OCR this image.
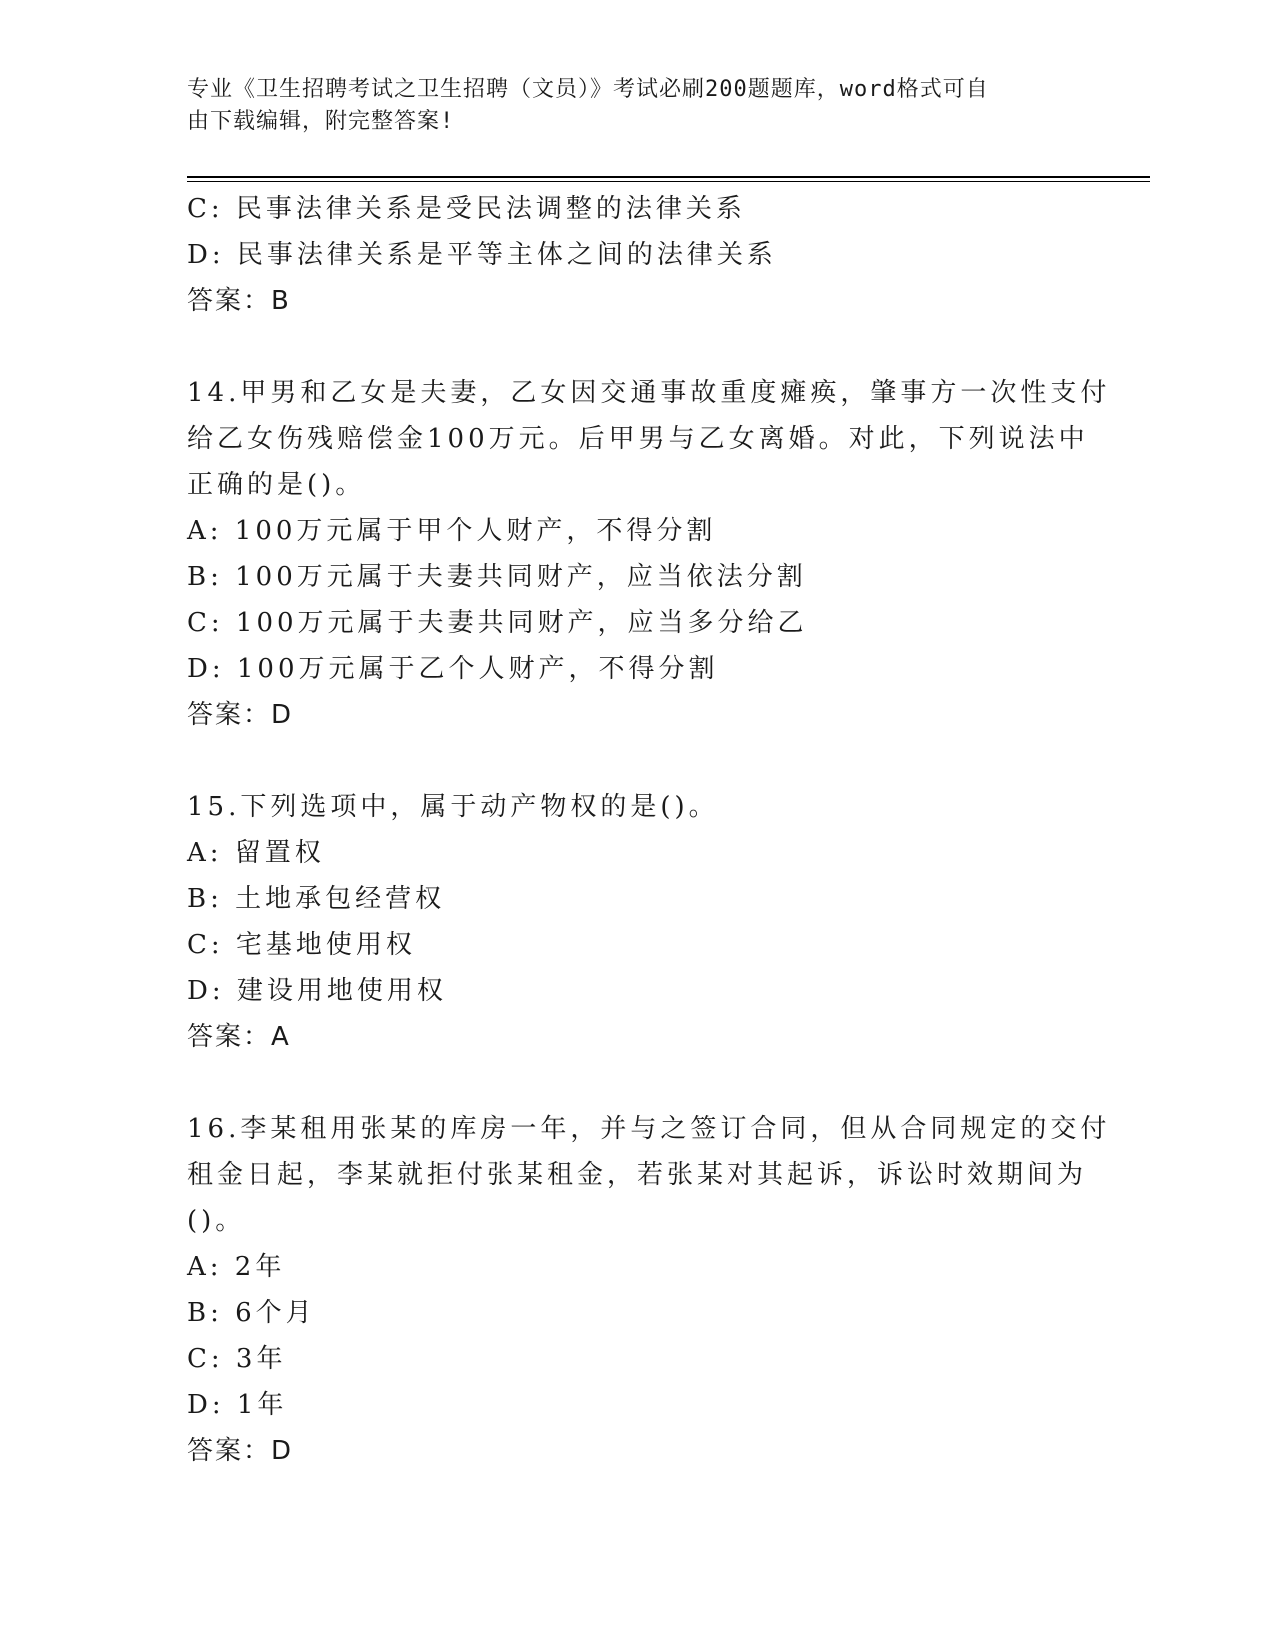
专业《卫生招聘考试之卫生招聘（文员）》考试必刷200题题库，word格式可自
由下载编辑，附完整答案!
C: 民事法律关系是受民法调整的法律关系
D: 民事法律关系是平等主体之间的法律关系
答案：B
14.甲男和乙女是夫妻，乙女因交通事故重度瘫痪，肇事方一次性支付
给乙女伤残赔偿金100万元。后甲男与乙女离婚。对此，下列说法中
正确的是()。
A: 100万元属于甲个人财产，不得分割
B: 100万元属于夫妻共同财产，应当依法分割
C: 100万元属于夫妻共同财产，应当多分给乙
D: 100万元属于乙个人财产，不得分割
答案：D
15.下列选项中，属于动产物权的是()。
A: 留置权
B: 土地承包经营权
C: 宅基地使用权
D: 建设用地使用权
答案：A
16.李某租用张某的库房一年，并与之签订合同，但从合同规定的交付
租金日起，李某就拒付张某租金，若张某对其起诉，诉讼时效期间为
()。
A: 2年
B: 6个月
C: 3年
D: 1年
答案：D
